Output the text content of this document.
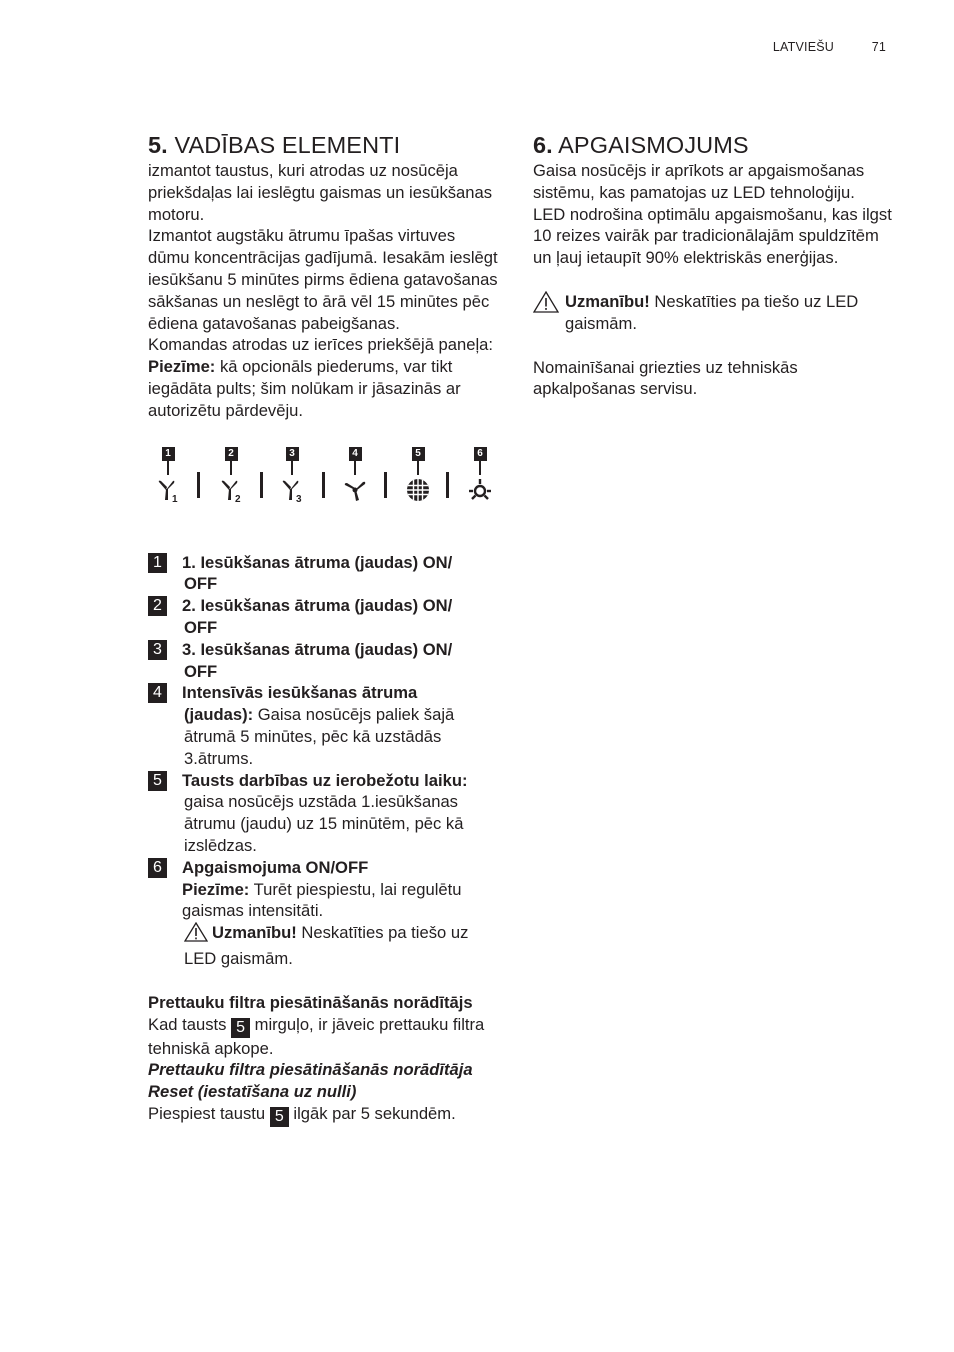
LATVIEŠU	71
5. VADĪBAS ELEMENTI

izmantot taustus, kuri atrodas uz nosūcēja priekšdaļas lai ieslēgtu gaismas un iesūkšanas motoru.

Izmantot augstāku ātrumu īpašas virtuves dūmu koncentrācijas gadījumā. Iesakām ieslēgt iesūkšanu 5 minūtes pirms ēdiena gatavošanas sākšanas un neslēgt to ārā vēl 15 minūtes pēc ēdiena gatavošanas pabeigšanas.

Komandas atrodas uz ierīces priekšējā paneļa:

Piezīme: kā opcionāls piederums, var tikt iegādāta pults; šim nolūkam ir jāsazinās ar autorizētu pārdevēju.

1
1
2
2
3
3
4	5	6
1	1. Iesūkšanas ātruma (jaudas) ON/
OFF
2	2. Iesūkšanas ātruma (jaudas) ON/
OFF
3	3. Iesūkšanas ātruma (jaudas) ON/
OFF
4	Intensīvās iesūkšanas ātruma
(jaudas): Gaisa nosūcējs paliek šajā ātrumā 5 minūtes, pēc kā uzstādās 3.ātrums.
5	Tausts darbības uz ierobežotu laiku:
gaisa nosūcējs uzstāda 1.iesūkšanas ātrumu (jaudu) uz 15 minūtēm, pēc kā izslēdzas.
6	Apgaismojuma ON/OFF
Piezīme: Turēt piespiestu, lai regulētu gaismas intensitāti.
Uzmanību! Neskatīties pa tiešo uz LED gaismām.

Prettauku filtra piesātināšanās norādītājs

Kad tausts 5 mirguļo, ir jāveic prettauku filtra tehniskā apkope.

Prettauku filtra piesātināšanās norādītāja Reset (iestatīšana uz nulli)

Piespiest taustu 5 ilgāk par 5 sekundēm.

6. APGAISMOJUMS

Gaisa nosūcējs ir aprīkots ar apgaismošanas sistēmu, kas pamatojas uz LED tehnoloģiju.

LED nodrošina optimālu apgaismošanu, kas ilgst 10 reizes vairāk par tradicionālajām spuldzītēm un ļauj ietaupīt 90% elektriskās enerģijas.

Uzmanību! Neskatīties pa tiešo uz LED gaismām.

Nomainīšanai griezties uz tehniskās apkalpošanas servisu.
